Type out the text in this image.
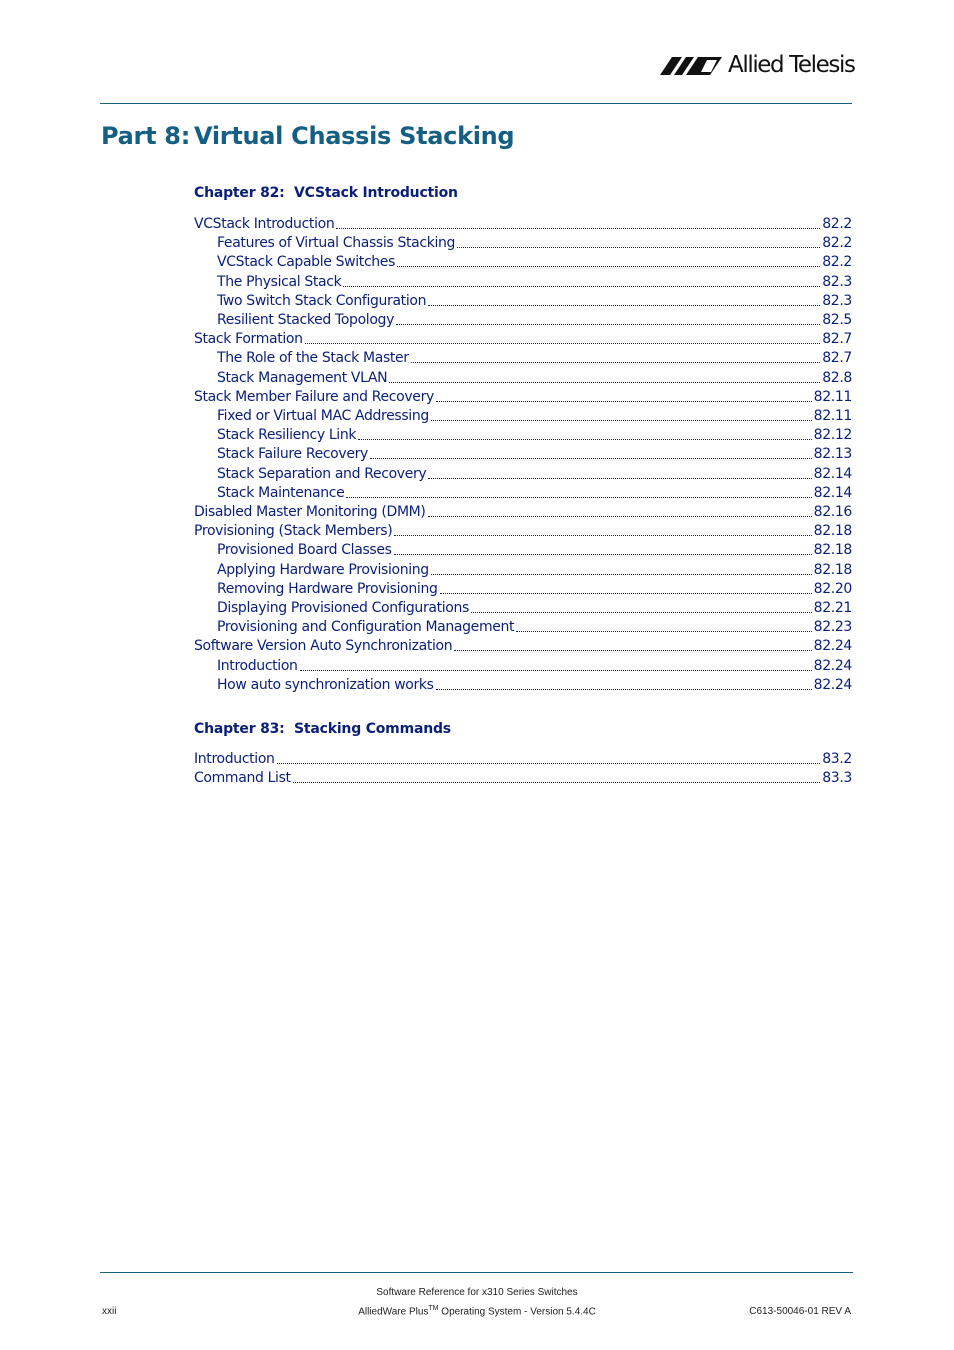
Allied Telesis
Part 8: Virtual Chassis Stacking
Chapter 82: VCStack Introduction
VCStack Introduction	82.2
Features of Virtual Chassis Stacking	82.2
VCStack Capable Switches	82.2
The Physical Stack	82.3
Two Switch Stack Configuration	82.3
Resilient Stacked Topology	82.5
Stack Formation	82.7
The Role of the Stack Master	82.7
Stack Management VLAN	82.8
Stack Member Failure and Recovery	82.11
Fixed or Virtual MAC Addressing	82.11
Stack Resiliency Link	82.12
Stack Failure Recovery	82.13
Stack Separation and Recovery	82.14
Stack Maintenance	82.14
Disabled Master Monitoring (DMM)	82.16
Provisioning (Stack Members)	82.18
Provisioned Board Classes	82.18
Applying Hardware Provisioning	82.18
Removing Hardware Provisioning	82.20
Displaying Provisioned Configurations	82.21
Provisioning and Configuration Management	82.23
Software Version Auto Synchronization	82.24
Introduction	82.24
How auto synchronization works	82.24
Chapter 83: Stacking Commands
Introduction	83.2
Command List	83.3
Software Reference for x310 Series Switches
AlliedWare Plus™ Operating System - Version 5.4.4C
xxii	C613-50046-01 REV A
